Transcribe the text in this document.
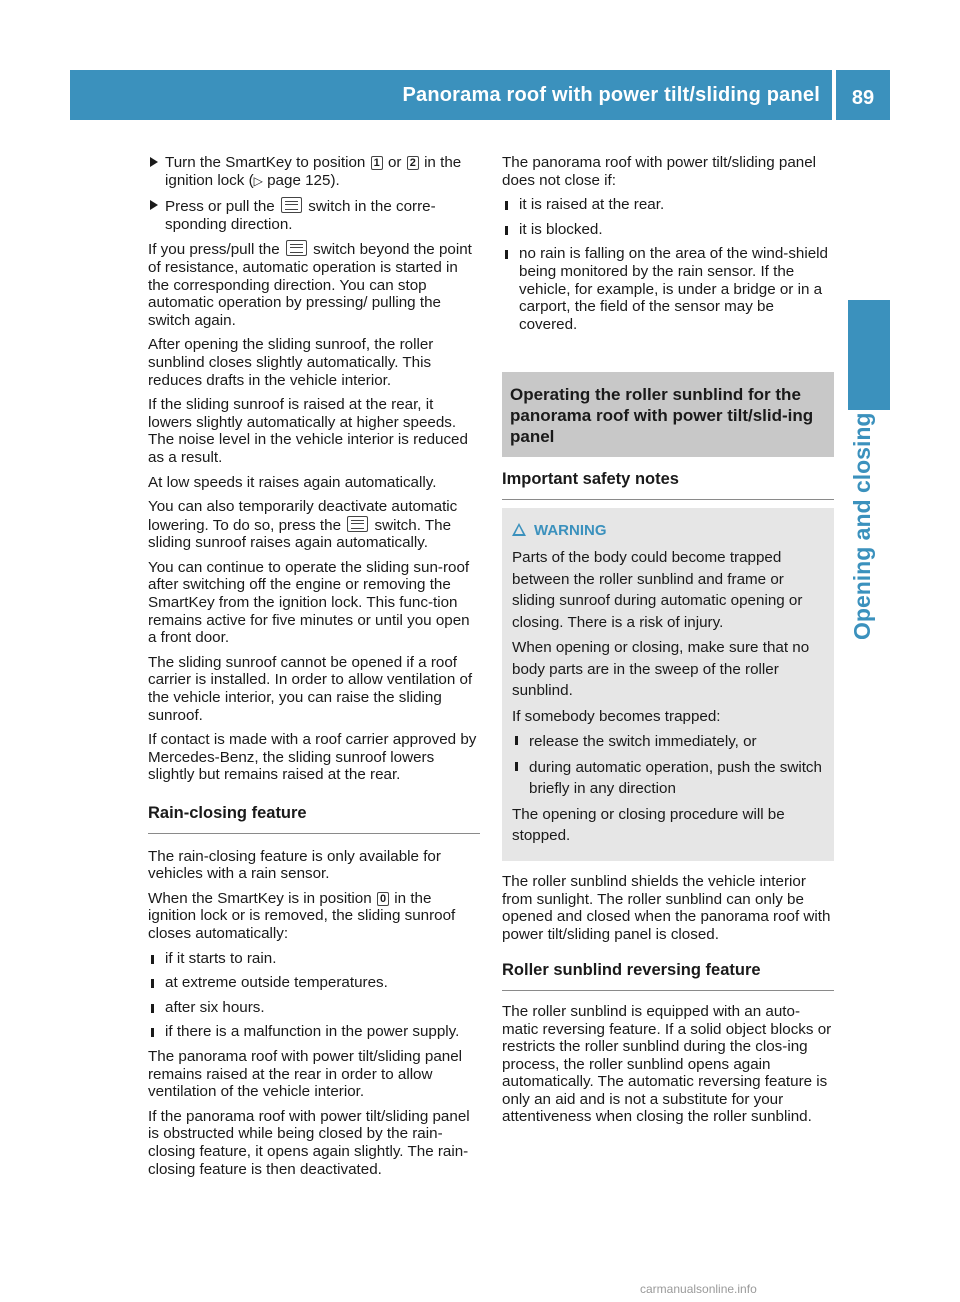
Panorama roof with power tilt/sliding panel	89
Opening and closing
Turn the SmartKey to position 1 or 2 in the ignition lock (▷ page 125).
Press or pull the switch in the corre-sponding direction.

If you press/pull the switch beyond the point of resistance, automatic operation is started in the corresponding direction. You can stop automatic operation by pressing/ pulling the switch again.

After opening the sliding sunroof, the roller sunblind closes slightly automatically. This reduces drafts in the vehicle interior.

If the sliding sunroof is raised at the rear, it lowers slightly automatically at higher speeds. The noise level in the vehicle interior is reduced as a result.

At low speeds it raises again automatically.

You can also temporarily deactivate automatic lowering. To do so, press the switch. The sliding sunroof raises again automatically.

You can continue to operate the sliding sun-roof after switching off the engine or removing the SmartKey from the ignition lock. This func-tion remains active for five minutes or until you open a front door.

The sliding sunroof cannot be opened if a roof carrier is installed. In order to allow ventilation of the vehicle interior, you can raise the sliding sunroof.

If contact is made with a roof carrier approved by Mercedes-Benz, the sliding sunroof lowers slightly but remains raised at the rear.

Rain-closing feature

The rain-closing feature is only available for vehicles with a rain sensor.

When the SmartKey is in position 0 in the ignition lock or is removed, the sliding sunroof closes automatically:

if it starts to rain.
at extreme outside temperatures.
after six hours.
if there is a malfunction in the power supply.

The panorama roof with power tilt/sliding panel remains raised at the rear in order to allow ventilation of the vehicle interior.

If the panorama roof with power tilt/sliding panel is obstructed while being closed by the rain-closing feature, it opens again slightly. The rain-closing feature is then deactivated.

The panorama roof with power tilt/sliding panel does not close if:

it is raised at the rear.
it is blocked.
no rain is falling on the area of the wind-shield being monitored by the rain sensor. If the vehicle, for example, is under a bridge or in a carport, the field of the sensor may be covered.
Operating the roller sunblind for the panorama roof with power tilt/slid-ing panel
Important safety notes
WARNING

Parts of the body could become trapped between the roller sunblind and frame or sliding sunroof during automatic opening or closing. There is a risk of injury.

When opening or closing, make sure that no body parts are in the sweep of the roller sunblind.

If somebody becomes trapped:

release the switch immediately, or
during automatic operation, push the switch briefly in any direction

The opening or closing procedure will be stopped.

The roller sunblind shields the vehicle interior from sunlight. The roller sunblind can only be opened and closed when the panorama roof with power tilt/sliding panel is closed.

Roller sunblind reversing feature

The roller sunblind is equipped with an auto-matic reversing feature. If a solid object blocks or restricts the roller sunblind during the clos-ing process, the roller sunblind opens again automatically. The automatic reversing feature is only an aid and is not a substitute for your attentiveness when closing the roller sunblind.

carmanualsonline.info
